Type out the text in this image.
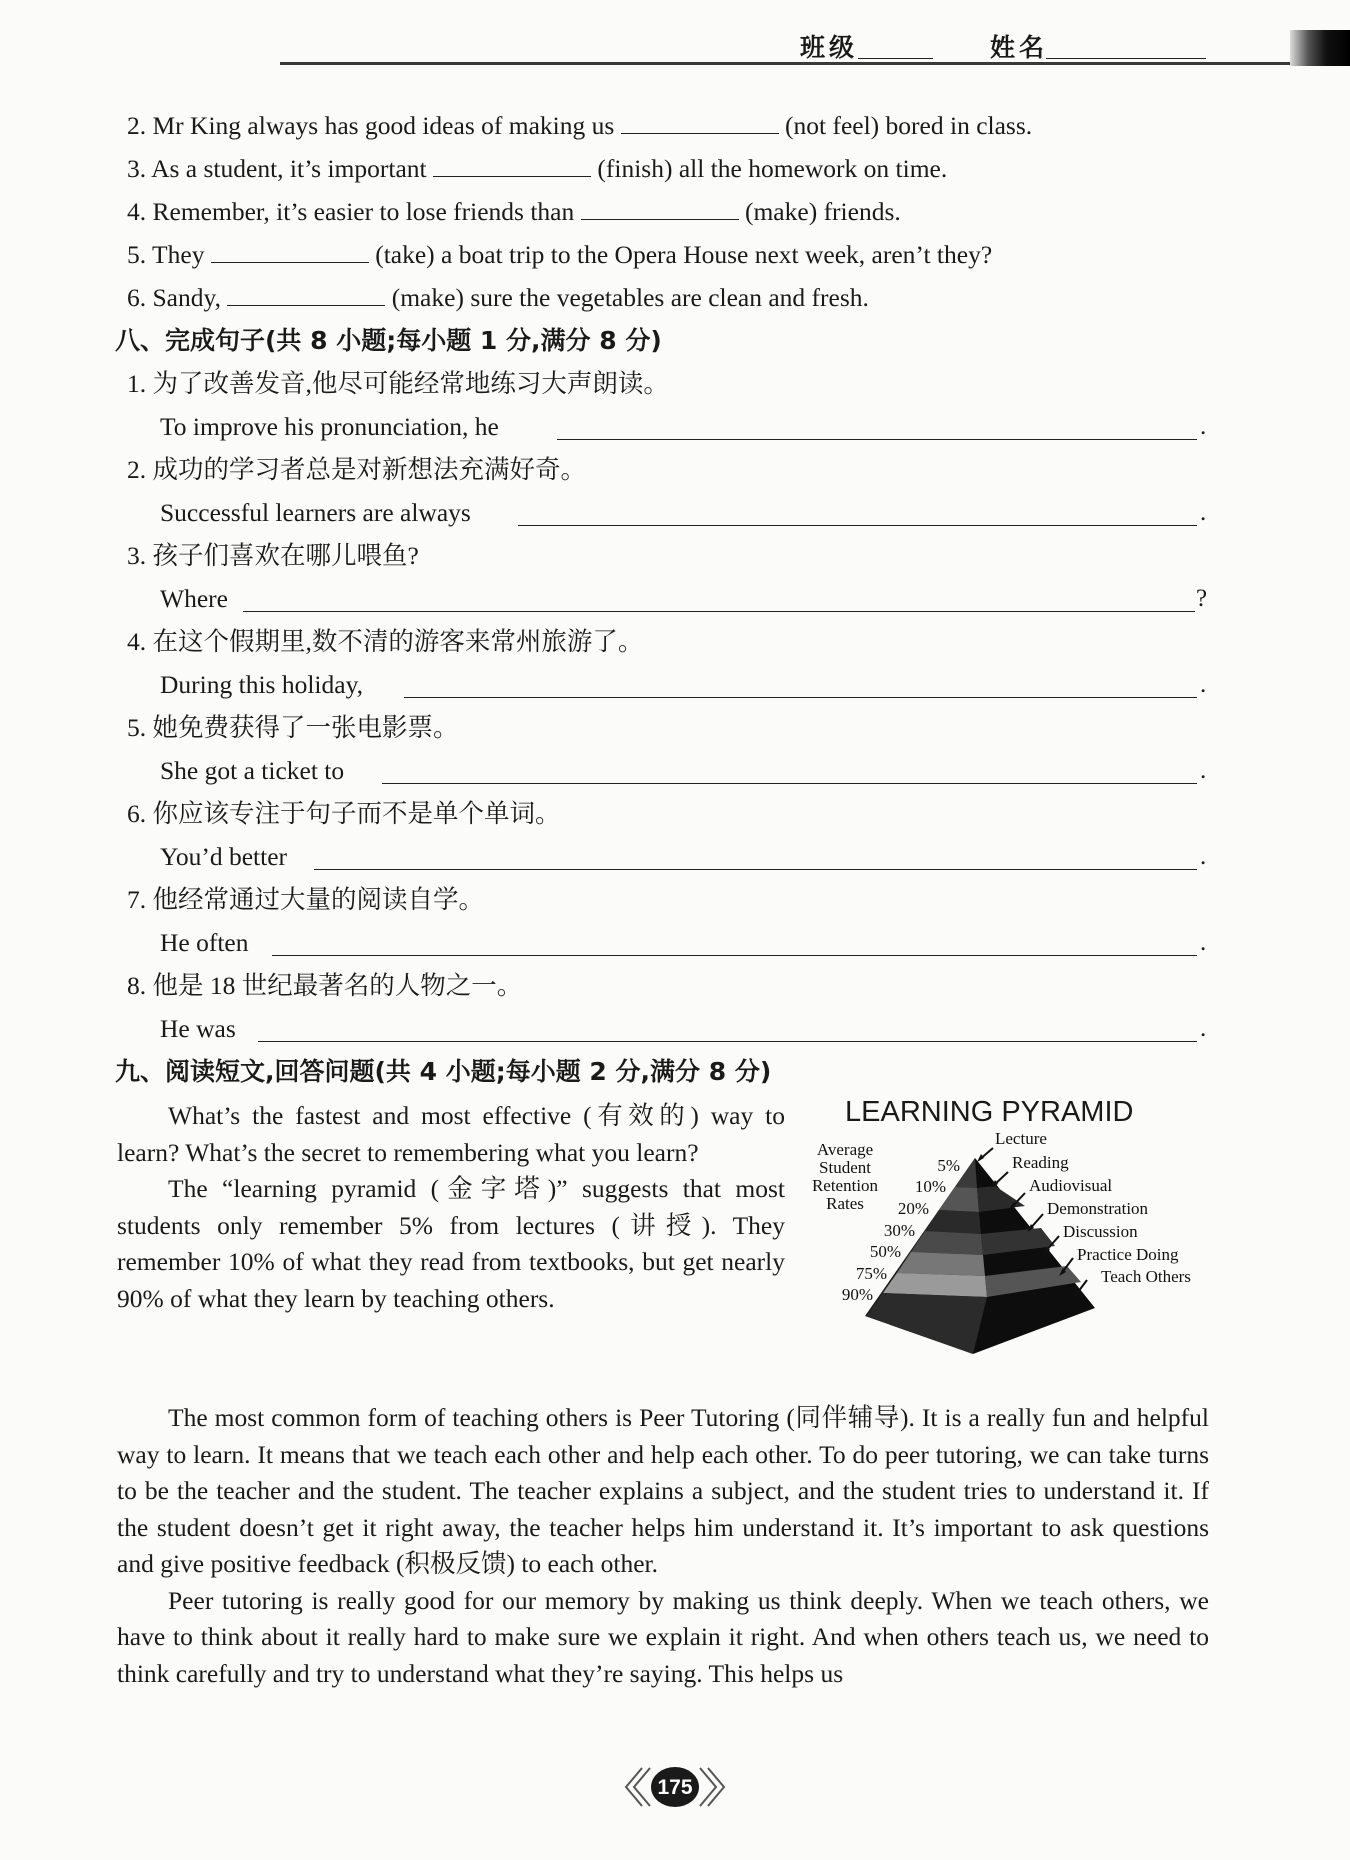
班级	姓名
2. Mr King always has good ideas of making us	(not feel) bored in class.
3. As a student, it’s important	(finish) all the homework on time.
4. Remember, it’s easier to lose friends than	(make) friends.
5. They	(take) a boat trip to the Opera House next week, aren’t they?
6. Sandy,	(make) sure the vegetables are clean and fresh.
八、完成句子(共 8 小题;每小题 1 分,满分 8 分)
1. 为了改善发音,他尽可能经常地练习大声朗读。
To improve his pronunciation, he	.
2. 成功的学习者总是对新想法充满好奇。
Successful learners are always	.
3. 孩子们喜欢在哪儿喂鱼?
Where	?
4. 在这个假期里,数不清的游客来常州旅游了。
During this holiday,	.
5. 她免费获得了一张电影票。
She got a ticket to	.
6. 你应该专注于句子而不是单个单词。
You’d better	.
7. 他经常通过大量的阅读自学。
He often	.
8. 他是 18 世纪最著名的人物之一。
He was	.
九、阅读短文,回答问题(共 4 小题;每小题 2 分,满分 8 分)

What’s the fastest and most effective (有效的) way to learn? What’s the secret to remembering what you learn?

The “learning pyramid (金字塔)” suggests that most students only remember 5% from lectures (讲授). They remember 10% of what they read from textbooks, but get nearly 90% of what they learn by teaching others.

The most common form of teaching others is Peer Tutoring (同伴辅导). It is a really fun and helpful way to learn. It means that we teach each other and help each other. To do peer tutoring, we can take turns to be the teacher and the student. The teacher explains a subject, and the student tries to understand it. If the student doesn’t get it right away, the teacher helps him understand it. It’s important to ask questions and give positive feedback (积极反馈) to each other.

Peer tutoring is really good for our memory by making us think deeply. When we teach others, we have to think about it really hard to make sure we explain it right. And when others teach us, we need to think carefully and try to understand what they’re saying. This helps us

LEARNING PYRAMID
Average
Student
Retention
Rates
5%
10%
20%
30%
50%
75%
90%
Lecture
Reading
Audiovisual
Demonstration
Discussion
Practice Doing
Teach Others
175
